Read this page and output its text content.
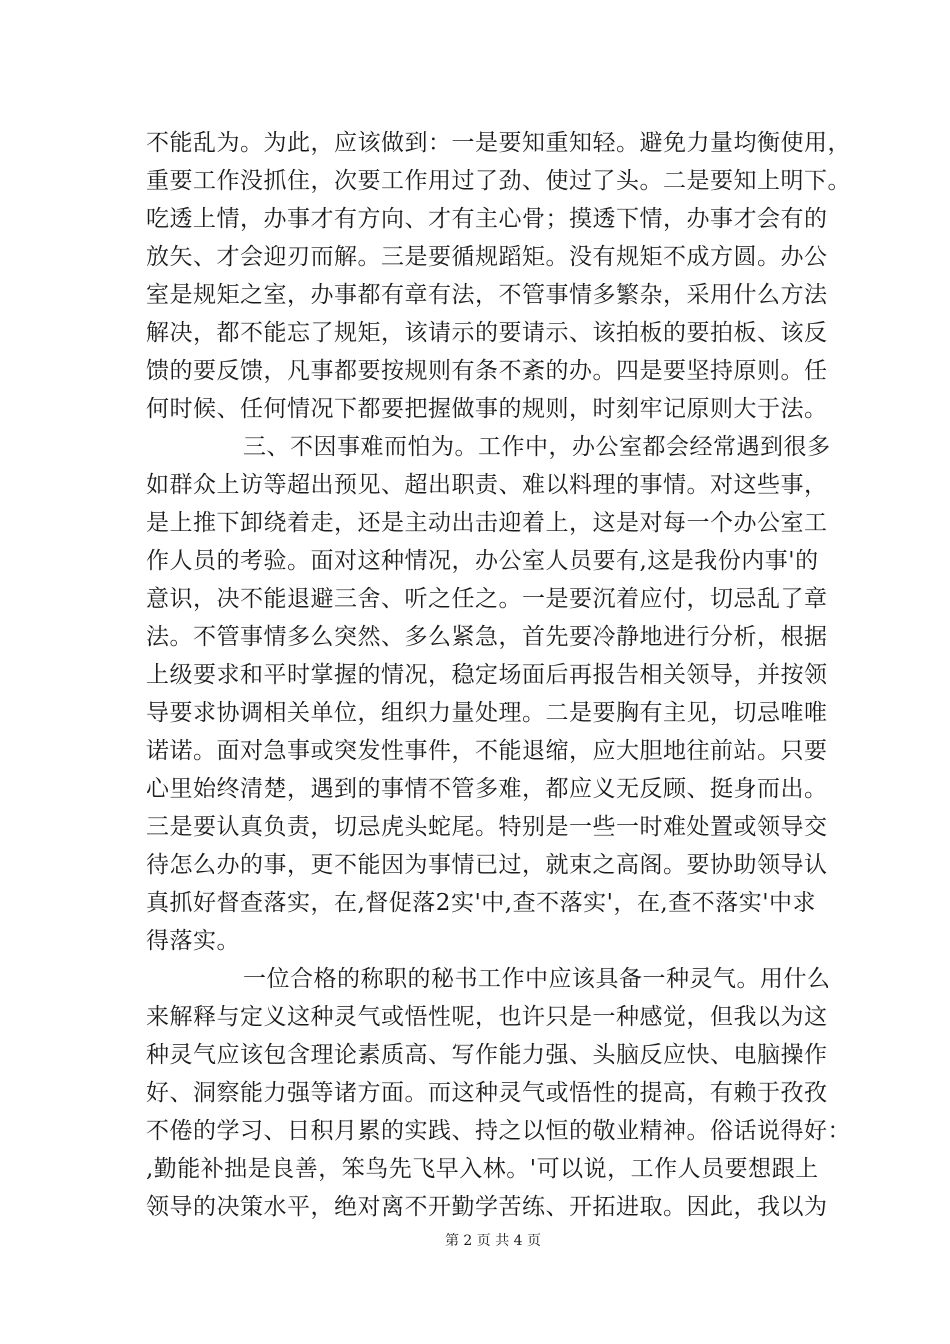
不能乱为。为此，应该做到：一是要知重知轻。避免力量均衡使用，
重要工作没抓住，次要工作用过了劲、使过了头。二是要知上明下。
吃透上情，办事才有方向、才有主心骨；摸透下情，办事才会有的
放矢、才会迎刃而解。三是要循规蹈矩。没有规矩不成方圆。办公
室是规矩之室，办事都有章有法，不管事情多繁杂，采用什么方法
解决，都不能忘了规矩，该请示的要请示、该拍板的要拍板、该反
馈的要反馈，凡事都要按规则有条不紊的办。四是要坚持原则。任
何时候、任何情况下都要把握做事的规则，时刻牢记原则大于法。
三、不因事难而怕为。工作中，办公室都会经常遇到很多
如群众上访等超出预见、超出职责、难以料理的事情。对这些事，
是上推下卸绕着走，还是主动出击迎着上，这是对每一个办公室工
作人员的考验。面对这种情况，办公室人员要有,这是我份内事'的
意识，决不能退避三舍、听之任之。一是要沉着应付，切忌乱了章
法。不管事情多么突然、多么紧急，首先要冷静地进行分析，根据
上级要求和平时掌握的情况，稳定场面后再报告相关领导，并按领
导要求协调相关单位，组织力量处理。二是要胸有主见，切忌唯唯
诺诺。面对急事或突发性事件，不能退缩，应大胆地往前站。只要
心里始终清楚，遇到的事情不管多难，都应义无反顾、挺身而出。
三是要认真负责，切忌虎头蛇尾。特别是一些一时难处置或领导交
待怎么办的事，更不能因为事情已过，就束之高阁。要协助领导认
真抓好督查落实，在,督促落2实'中,查不落实'，在,查不落实'中求
得落实。
一位合格的称职的秘书工作中应该具备一种灵气。用什么
来解释与定义这种灵气或悟性呢，也许只是一种感觉，但我以为这
种灵气应该包含理论素质高、写作能力强、头脑反应快、电脑操作
好、洞察能力强等诸方面。而这种灵气或悟性的提高，有赖于孜孜
不倦的学习、日积月累的实践、持之以恒的敬业精神。俗话说得好：
,勤能补拙是良善，笨鸟先飞早入林。'可以说，工作人员要想跟上
领导的决策水平，绝对离不开勤学苦练、开拓进取。因此，我以为
第 2 页 共 4 页
